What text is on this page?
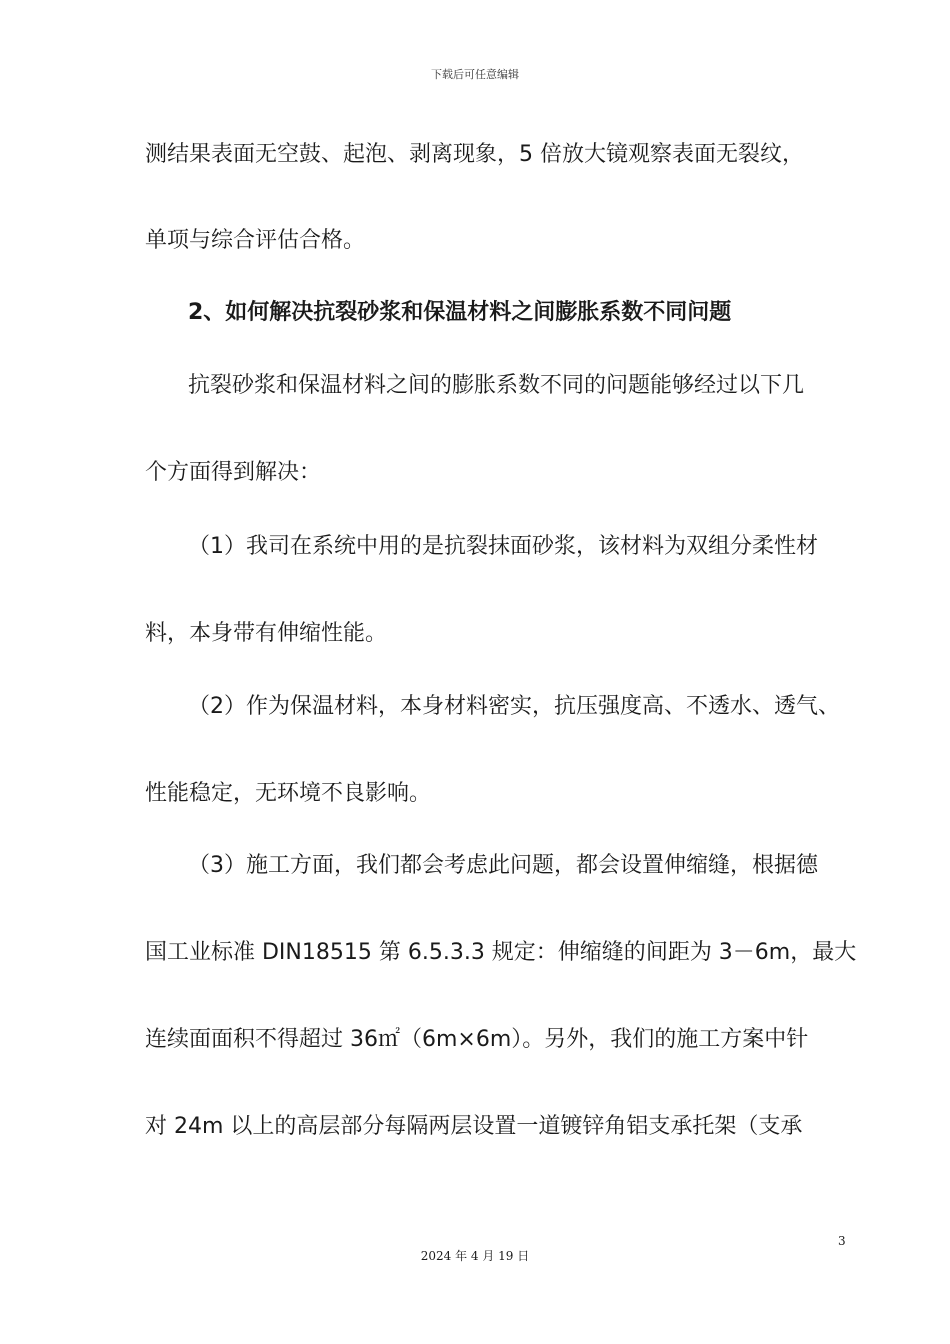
下载后可任意编辑
测结果表面无空鼓、起泡、剥离现象，5 倍放大镜观察表面无裂纹，
单项与综合评估合格。
2、如何解决抗裂砂浆和保温材料之间膨胀系数不同问题
抗裂砂浆和保温材料之间的膨胀系数不同的问题能够经过以下几
个方面得到解决：
（1）我司在系统中用的是抗裂抹面砂浆，该材料为双组分柔性材
料，本身带有伸缩性能。
（2）作为保温材料，本身材料密实，抗压强度高、不透水、透气、
性能稳定，无环境不良影响。
（3）施工方面，我们都会考虑此问题，都会设置伸缩缝，根据德
国工业标准 DIN18515 第 6.5.3.3 规定：伸缩缝的间距为 3－6m，最大
连续面面积不得超过 36㎡（6m×6m）。另外，我们的施工方案中针
对 24m 以上的高层部分每隔两层设置一道镀锌角铝支承托架（支承
3
2024 年 4 月 19 日
